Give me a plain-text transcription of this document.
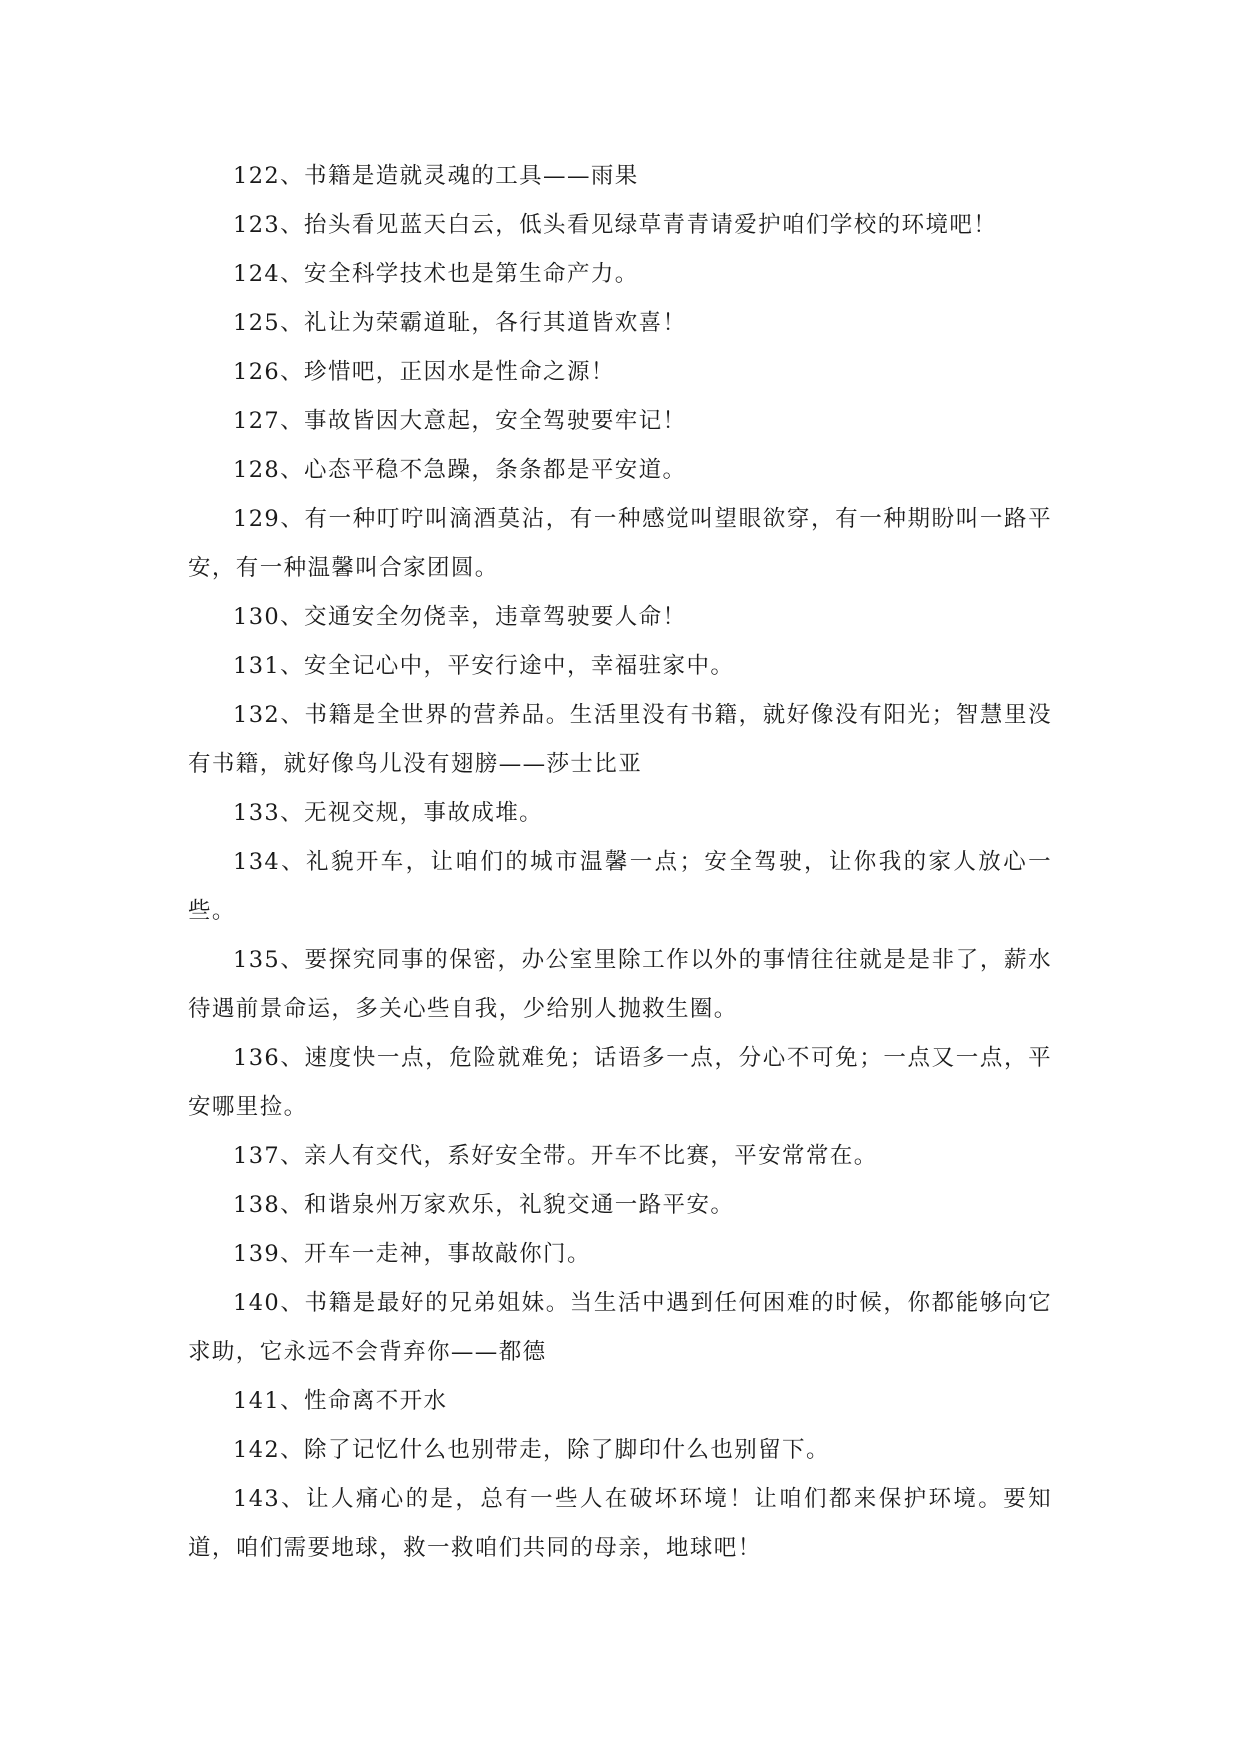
122、书籍是造就灵魂的工具——雨果

123、抬头看见蓝天白云，低头看见绿草青青请爱护咱们学校的环境吧！

124、安全科学技术也是第生命产力。

125、礼让为荣霸道耻，各行其道皆欢喜！

126、珍惜吧，正因水是性命之源！

127、事故皆因大意起，安全驾驶要牢记！

128、心态平稳不急躁，条条都是平安道。

129、有一种叮咛叫滴酒莫沾，有一种感觉叫望眼欲穿，有一种期盼叫一路平安，有一种温馨叫合家团圆。

130、交通安全勿侥幸，违章驾驶要人命！

131、安全记心中，平安行途中，幸福驻家中。

132、书籍是全世界的营养品。生活里没有书籍，就好像没有阳光；智慧里没有书籍，就好像鸟儿没有翅膀——莎士比亚

133、无视交规，事故成堆。

134、礼貌开车，让咱们的城市温馨一点；安全驾驶，让你我的家人放心一些。

135、要探究同事的保密，办公室里除工作以外的事情往往就是是非了，薪水待遇前景命运，多关心些自我，少给别人抛救生圈。

136、速度快一点，危险就难免；话语多一点，分心不可免；一点又一点，平安哪里捡。

137、亲人有交代，系好安全带。开车不比赛，平安常常在。

138、和谐泉州万家欢乐，礼貌交通一路平安。

139、开车一走神，事故敲你门。

140、书籍是最好的兄弟姐妹。当生活中遇到任何困难的时候，你都能够向它求助，它永远不会背弃你——都德

141、性命离不开水

142、除了记忆什么也别带走，除了脚印什么也别留下。

143、让人痛心的是，总有一些人在破坏环境！让咱们都来保护环境。要知道，咱们需要地球，救一救咱们共同的母亲，地球吧！
